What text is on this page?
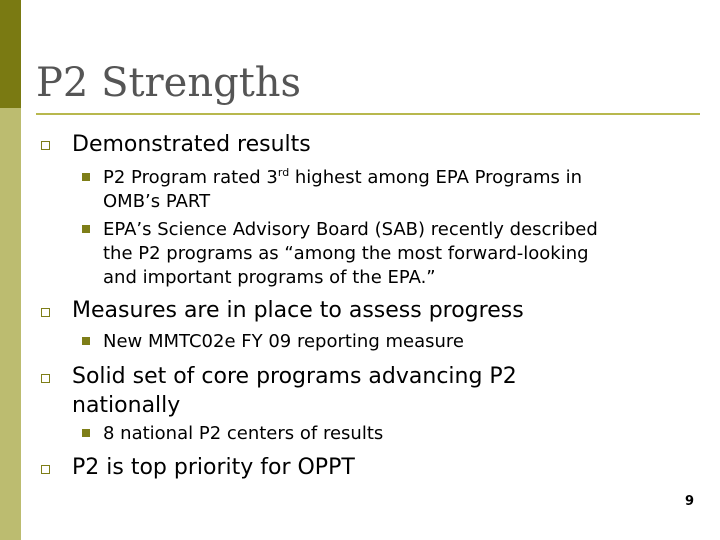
P2 Strengths
Demonstrated results
P2 Program rated 3rd highest among EPA Programs in
OMB’s PART
EPA’s Science Advisory Board (SAB) recently described
the P2 programs as “among the most forward-looking
and important programs of the EPA.”
Measures are in place to assess progress
New MMTC02e FY 09 reporting measure
Solid set of core programs advancing P2
nationally
8 national P2 centers of results
P2 is top priority for OPPT
9
